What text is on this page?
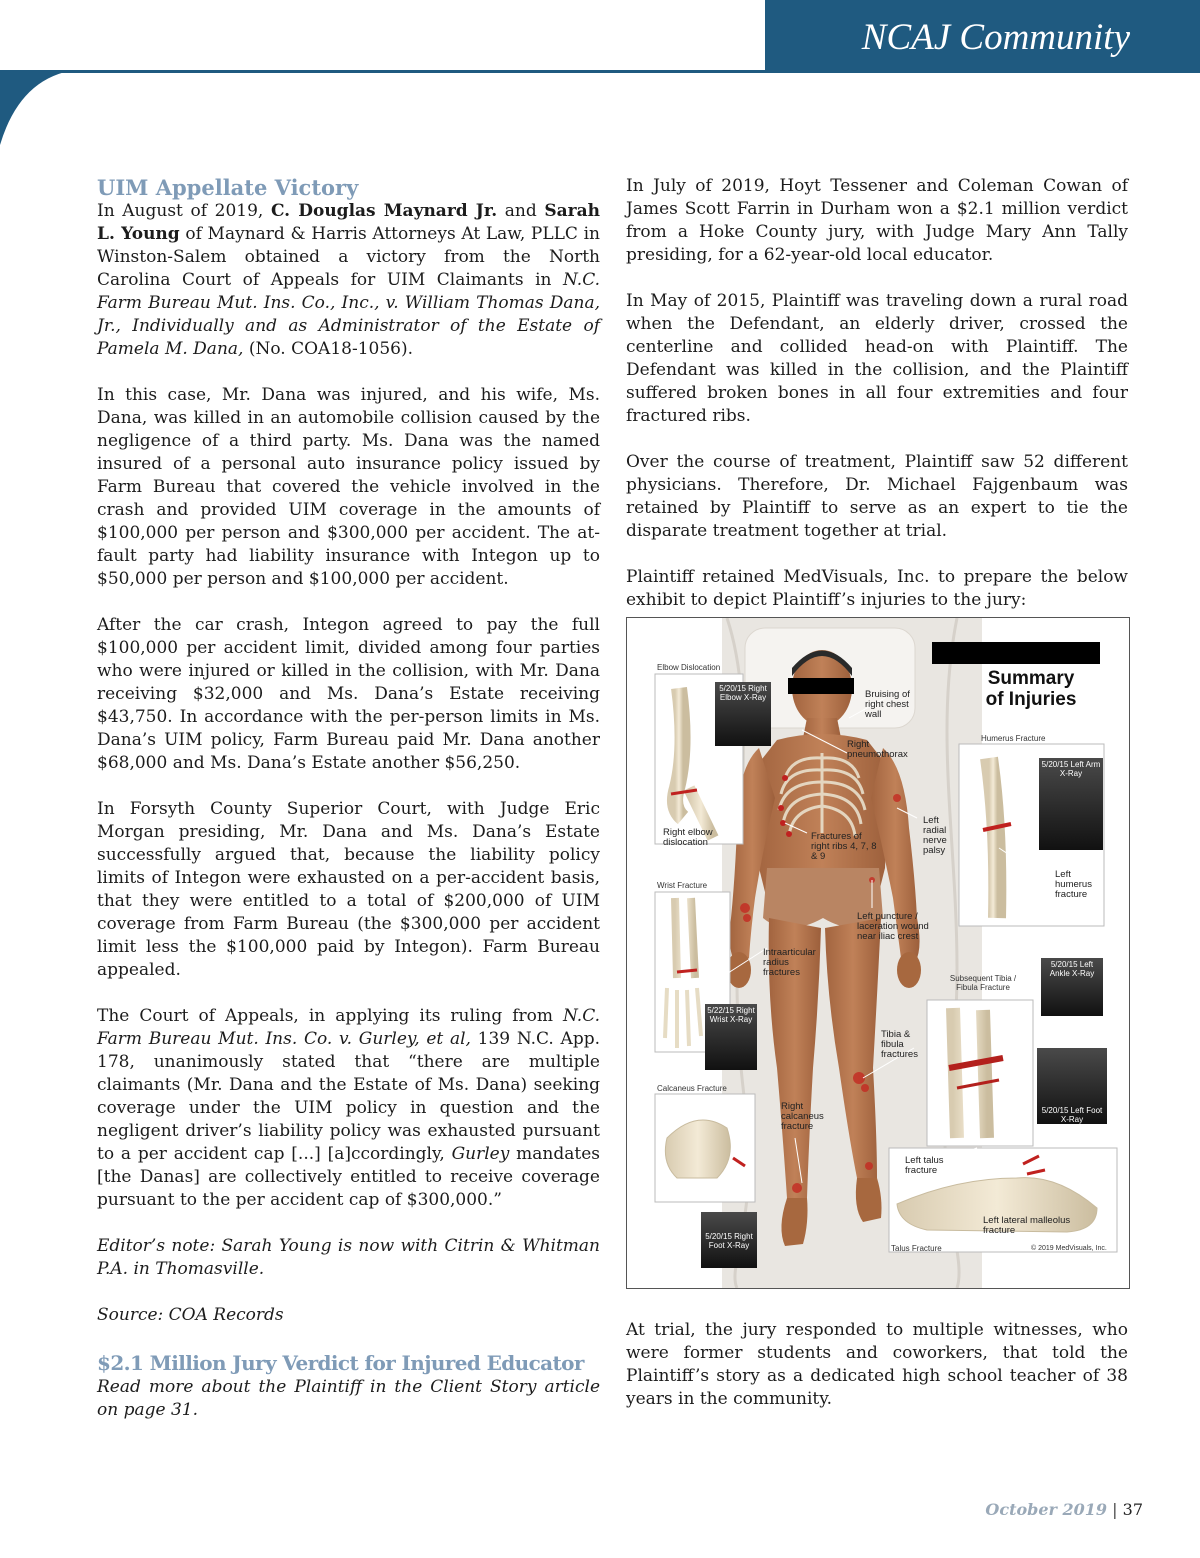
NCAJ Community
UIM Appellate Victory

In August of 2019, C. Douglas Maynard Jr. and Sarah L. Young of Maynard & Harris Attorneys At Law, PLLC in Winston-Salem obtained a victory from the North Carolina Court of Appeals for UIM Claimants in N.C. Farm Bureau Mut. Ins. Co., Inc., v. William Thomas Dana, Jr., Individually and as Administrator of the Estate of Pamela M. Dana, (No. COA18-1056).

In this case, Mr. Dana was injured, and his wife, Ms. Dana, was killed in an automobile collision caused by the negligence of a third party. Ms. Dana was the named insured of a personal auto insurance policy issued by Farm Bureau that covered the vehicle involved in the crash and provided UIM coverage in the amounts of $100,000 per person and $300,000 per accident. The at-fault party had liability insurance with Integon up to $50,000 per person and $100,000 per accident.

After the car crash, Integon agreed to pay the full $100,000 per accident limit, divided among four parties who were injured or killed in the collision, with Mr. Dana receiving $32,000 and Ms. Dana’s Estate receiving $43,750. In accordance with the per-person limits in Ms. Dana’s UIM policy, Farm Bureau paid Mr. Dana another $68,000 and Ms. Dana’s Estate another $56,250.

In Forsyth County Superior Court, with Judge Eric Morgan presiding, Mr. Dana and Ms. Dana’s Estate successfully argued that, because the liability policy limits of Integon were exhausted on a per-accident basis, that they were entitled to a total of $200,000 of UIM coverage from Farm Bureau (the $300,000 per accident limit less the $100,000 paid by Integon). Farm Bureau appealed.

The Court of Appeals, in applying its ruling from N.C. Farm Bureau Mut. Ins. Co. v. Gurley, et al, 139 N.C. App. 178, unanimously stated that “there are multiple claimants (Mr. Dana and the Estate of Ms. Dana) seeking coverage under the UIM policy in question and the negligent driver’s liability policy was exhausted pursuant to a per accident cap [...] [a]ccordingly, Gurley mandates [the Danas] are collectively entitled to receive coverage pursuant to the per accident cap of $300,000.”

Editor’s note: Sarah Young is now with Citrin & Whitman P.A. in Thomasville.

Source: COA Records

$2.1 Million Jury Verdict for Injured Educator

Read more about the Plaintiff in the Client Story article on page 31.

In July of 2019, Hoyt Tessener and Coleman Cowan of James Scott Farrin in Durham won a $2.1 million verdict from a Hoke County jury, with Judge Mary Ann Tally presiding, for a 62-year-old local educator.

In May of 2015, Plaintiff was traveling down a rural road when the Defendant, an elderly driver, crossed the centerline and collided head-on with Plaintiff. The Defendant was killed in the collision, and the Plaintiff suffered broken bones in all four extremities and four fractured ribs.

Over the course of treatment, Plaintiff saw 52 different physicians. Therefore, Dr. Michael Fajgenbaum was retained by Plaintiff to serve as an expert to tie the disparate treatment together at trial.

Plaintiff retained MedVisuals, Inc. to prepare the below exhibit to depict Plaintiff’s injuries to the jury:

At trial, the jury responded to multiple witnesses, who were former students and coworkers, that told the Plaintiff’s story as a dedicated high school teacher of 38 years in the community.

Summary
of Injuries
Elbow Dislocation
5/20/15 Right Elbow X-Ray
Right elbow dislocation
Wrist Fracture
5/22/15 Right Wrist X-Ray
Calcaneus Fracture
5/20/15 Right Foot X-Ray
Bruising of right chest wall
Right pneumothorax
Fractures of right ribs 4, 7, 8 & 9
Left radial nerve palsy
Left puncture / laceration wound near iliac crest
Intraarticular radius fractures
Tibia & fibula fractures
Right calcaneus fracture
Humerus Fracture
5/20/15 Left Arm X-Ray
Left humerus fracture
5/20/15 Left Ankle X-Ray
Subsequent Tibia / Fibula Fracture
5/20/15 Left Foot X-Ray
Left talus fracture
Left lateral malleolus fracture
Talus Fracture	© 2019 MedVisuals, Inc.
October 2019 | 37
